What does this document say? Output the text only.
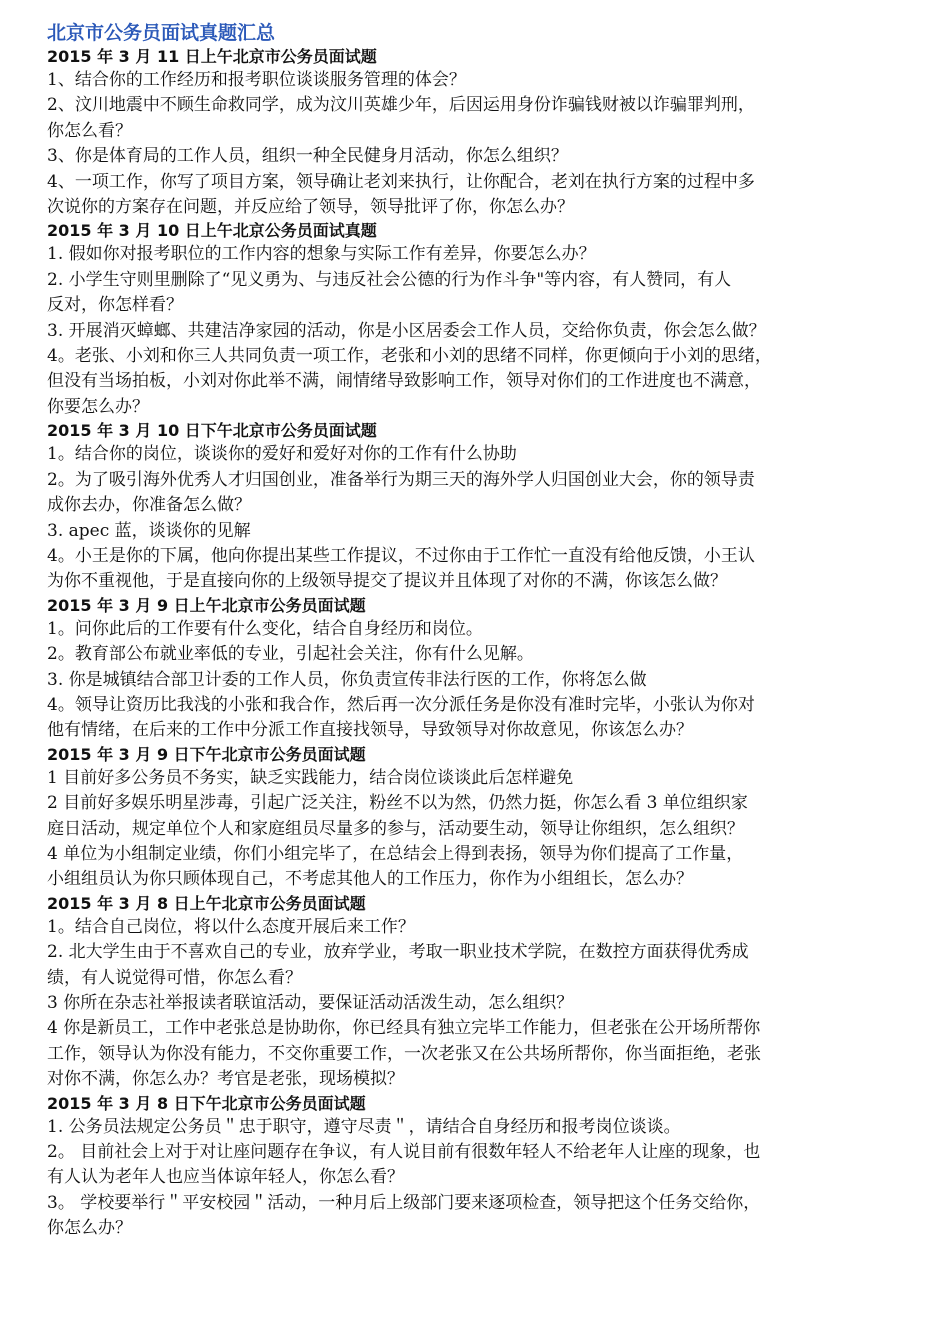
北京市公务员面试真题汇总
2015 年 3 月 11 日上午北京市公务员面试题
1、结合你的工作经历和报考职位谈谈服务管理的体会？
2、汶川地震中不顾生命救同学，成为汶川英雄少年，后因运用身份诈骗钱财被以诈骗罪判刑，
你怎么看？
3、你是体育局的工作人员，组织一种全民健身月活动，你怎么组织？
4、一项工作，你写了项目方案，领导确让老刘来执行，让你配合，老刘在执行方案的过程中多
次说你的方案存在问题，并反应给了领导，领导批评了你，你怎么办？
2015 年 3 月 10 日上午北京公务员面试真题
1. 假如你对报考职位的工作内容的想象与实际工作有差异，你要怎么办？
2. 小学生守则里删除了“见义勇为、与违反社会公德的行为作斗争"等内容，有人赞同，有人
反对，你怎样看？
3. 开展消灭蟑螂、共建洁净家园的活动，你是小区居委会工作人员，交给你负责，你会怎么做？
4。老张、小刘和你三人共同负责一项工作，老张和小刘的思绪不同样，你更倾向于小刘的思绪，
但没有当场拍板，小刘对你此举不满，闹情绪导致影响工作，领导对你们的工作进度也不满意，
你要怎么办？
2015 年 3 月 10 日下午北京市公务员面试题
1。结合你的岗位，谈谈你的爱好和爱好对你的工作有什么协助
2。为了吸引海外优秀人才归国创业，准备举行为期三天的海外学人归国创业大会，你的领导责
成你去办，你准备怎么做？
3. apec 蓝，谈谈你的见解
4。小王是你的下属，他向你提出某些工作提议，不过你由于工作忙一直没有给他反馈，小王认
为你不重视他，于是直接向你的上级领导提交了提议并且体现了对你的不满，你该怎么做？
2015 年 3 月 9 日上午北京市公务员面试题
1。问你此后的工作要有什么变化，结合自身经历和岗位。
2。教育部公布就业率低的专业，引起社会关注，你有什么见解。
3. 你是城镇结合部卫计委的工作人员，你负责宣传非法行医的工作，你将怎么做
4。领导让资历比我浅的小张和我合作，然后再一次分派任务是你没有准时完毕，小张认为你对
他有情绪，在后来的工作中分派工作直接找领导，导致领导对你故意见，你该怎么办？
2015 年 3 月 9 日下午北京市公务员面试题
1 目前好多公务员不务实，缺乏实践能力，结合岗位谈谈此后怎样避免
2 目前好多娱乐明星涉毒，引起广泛关注，粉丝不以为然，仍然力挺，你怎么看 3 单位组织家
庭日活动，规定单位个人和家庭组员尽量多的参与，活动要生动，领导让你组织，怎么组织？
4 单位为小组制定业绩，你们小组完毕了，在总结会上得到表扬，领导为你们提高了工作量，
小组组员认为你只顾体现自己，不考虑其他人的工作压力，你作为小组组长，怎么办？
2015 年 3 月 8 日上午北京市公务员面试题
1。结合自己岗位，将以什么态度开展后来工作？
2. 北大学生由于不喜欢自己的专业，放弃学业，考取一职业技术学院，在数控方面获得优秀成
绩，有人说觉得可惜，你怎么看？
3 你所在杂志社举报读者联谊活动，要保证活动活泼生动，怎么组织？
4 你是新员工，工作中老张总是协助你，你已经具有独立完毕工作能力，但老张在公开场所帮你
工作，领导认为你没有能力，不交你重要工作，一次老张又在公共场所帮你，你当面拒绝，老张
对你不满，你怎么办？考官是老张，现场模拟？
2015 年 3 月 8 日下午北京市公务员面试题
1. 公务员法规定公务员＂忠于职守，遵守尽责＂，请结合自身经历和报考岗位谈谈。
2。 目前社会上对于对让座问题存在争议，有人说目前有很数年轻人不给老年人让座的现象，也
有人认为老年人也应当体谅年轻人，你怎么看？
3。 学校要举行＂平安校园＂活动，一种月后上级部门要来逐项检查，领导把这个任务交给你，
你怎么办？
